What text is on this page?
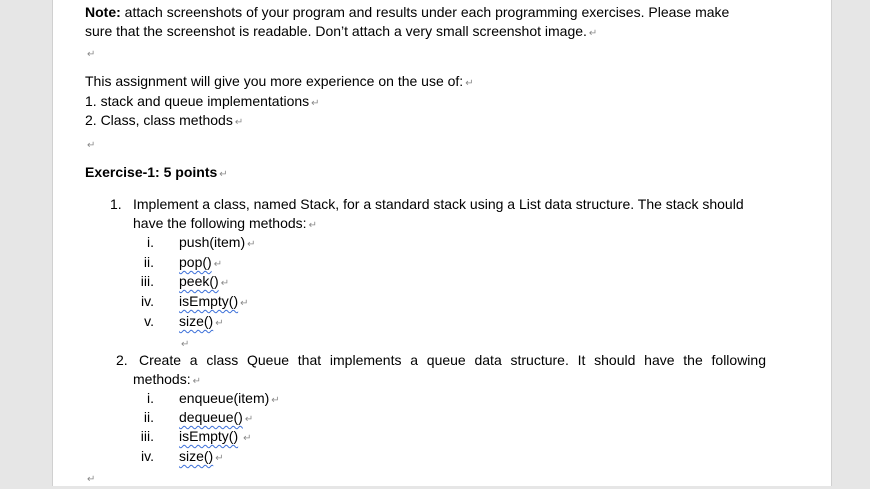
Note: attach screenshots of your program and results under each programming exercises. Please make
sure that the screenshot is readable. Don’t attach a very small screenshot image. ↵
↵
This assignment will give you more experience on the use of: ↵
1. stack and queue implementations ↵
2. Class, class methods ↵
↵
Exercise-1: 5 points ↵
1. Implement a class, named Stack, for a standard stack using a List data structure. The stack should
have the following methods: ↵
i. push(item) ↵
ii. pop() ↵
iii. peek() ↵
iv. isEmpty() ↵
v. size() ↵
↵
2. Create a class Queue that implements a queue data structure. It should have the following
methods: ↵
i. enqueue(item) ↵
ii. dequeue() ↵
iii. isEmpty() ↵
iv. size() ↵
↵
